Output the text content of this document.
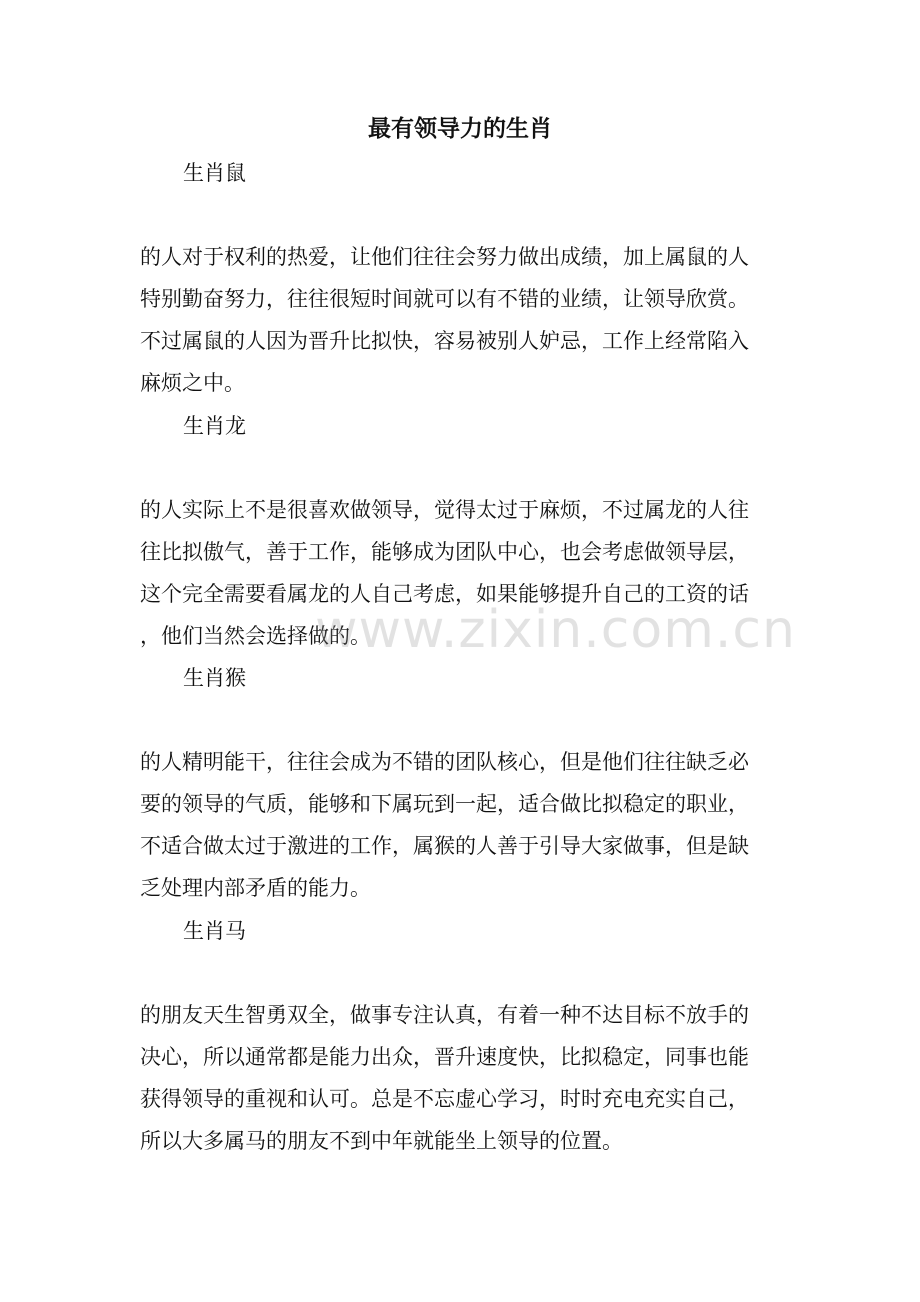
最有领导力的生肖
生肖鼠
的人对于权利的热爱，让他们往往会努力做出成绩，加上属鼠的人
特别勤奋努力，往往很短时间就可以有不错的业绩，让领导欣赏。
不过属鼠的人因为晋升比拟快，容易被别人妒忌，工作上经常陷入
麻烦之中。
生肖龙
的人实际上不是很喜欢做领导，觉得太过于麻烦，不过属龙的人往
往比拟傲气，善于工作，能够成为团队中心，也会考虑做领导层，
这个完全需要看属龙的人自己考虑，如果能够提升自己的工资的话
，他们当然会选择做的。
生肖猴
的人精明能干，往往会成为不错的团队核心，但是他们往往缺乏必
要的领导的气质，能够和下属玩到一起，适合做比拟稳定的职业，
不适合做太过于激进的工作，属猴的人善于引导大家做事，但是缺
乏处理内部矛盾的能力。
生肖马
的朋友天生智勇双全，做事专注认真，有着一种不达目标不放手的
决心，所以通常都是能力出众，晋升速度快，比拟稳定，同事也能
获得领导的重视和认可。总是不忘虚心学习，时时充电充实自己，
所以大多属马的朋友不到中年就能坐上领导的位置。
www.zixin.com.cn
